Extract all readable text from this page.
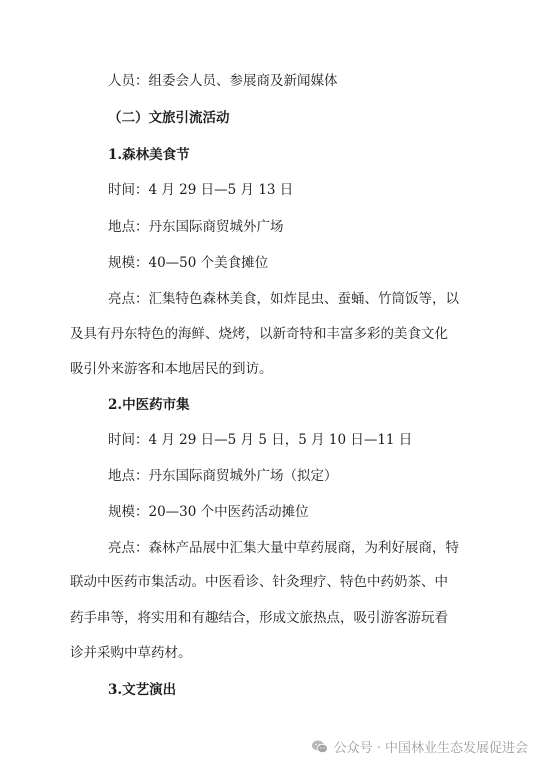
人员：组委会人员、参展商及新闻媒体
（二）文旅引流活动
1.森林美食节
时间：4 月 29 日—5 月 13 日
地点：丹东国际商贸城外广场
规模：40—50 个美食摊位
亮点：汇集特色森林美食，如炸昆虫、蚕蛹、竹筒饭等，以
及具有丹东特色的海鲜、烧烤，以新奇特和丰富多彩的美食文化
吸引外来游客和本地居民的到访。
2.中医药市集
时间：4 月 29 日—5 月 5 日，5 月 10 日—11 日
地点：丹东国际商贸城外广场（拟定）
规模：20—30 个中医药活动摊位
亮点：森林产品展中汇集大量中草药展商，为利好展商，特
联动中医药市集活动。中医看诊、针灸理疗、特色中药奶茶、中
药手串等，将实用和有趣结合，形成文旅热点，吸引游客游玩看
诊并采购中草药材。
3.文艺演出
公众号 · 中国林业生态发展促进会
